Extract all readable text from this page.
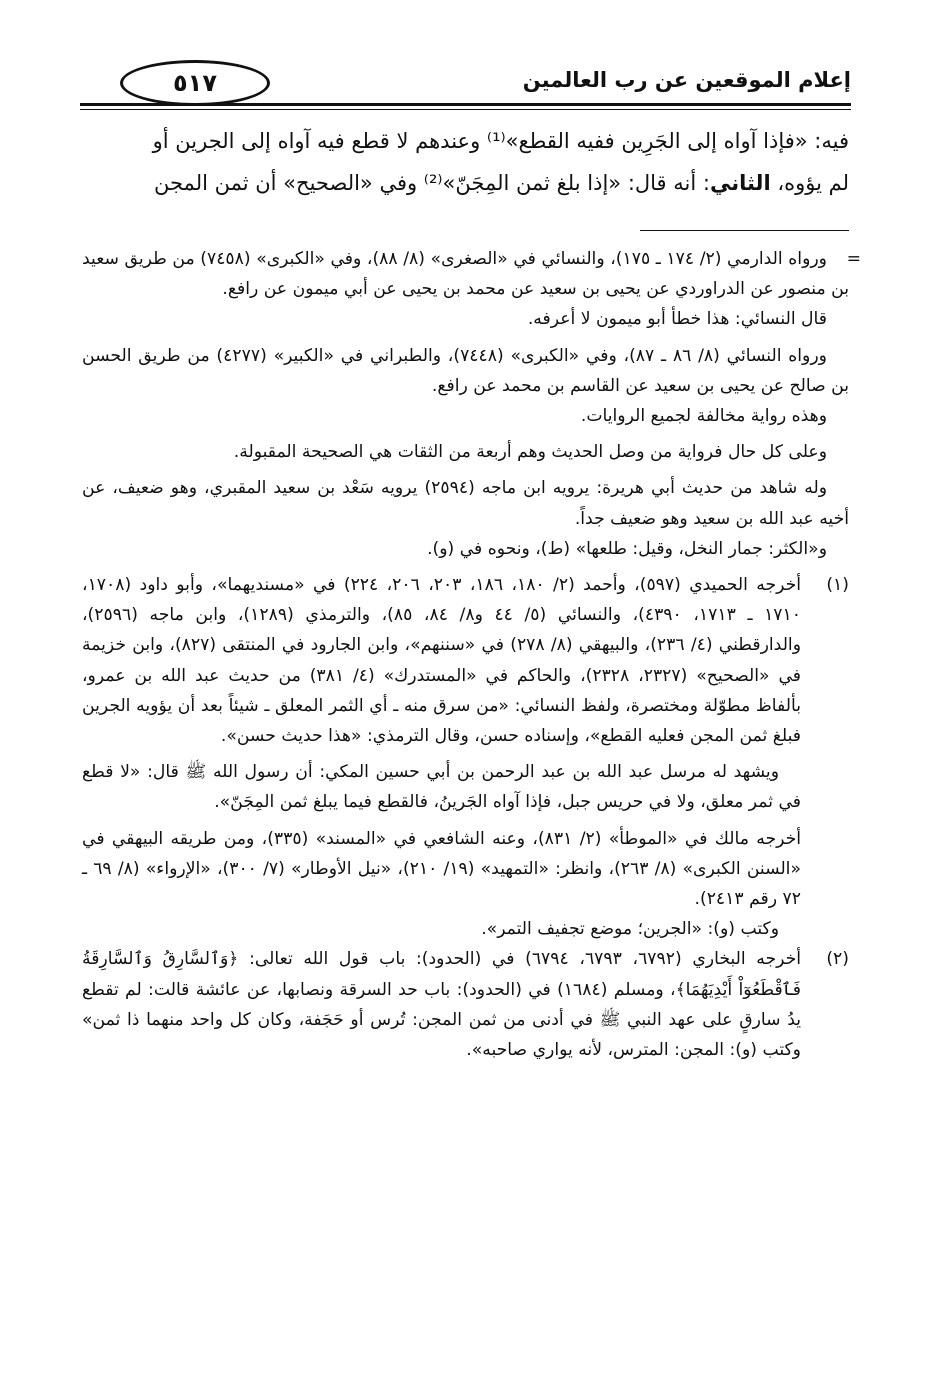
٥١٧	إعلام الموقعين عن رب العالمين

فيه: «فإذا آواه إلى الجَرِين ففيه القطع»⁽¹⁾ وعندهم لا قطع فيه آواه إلى الجرين أو

لم يؤوه، الثاني: أنه قال: «إذا بلغ ثمن المِجَنّ»⁽²⁾ وفي «الصحيح» أن ثمن المجن

=
ورواه الدارمي (٢/ ١٧٤ ـ ١٧٥)، والنسائي في «الصغرى» (٨/ ٨٨)، وفي «الكبرى» (٧٤٥٨) من طريق سعيد بن منصور عن الدراوردي عن يحيى بن سعيد عن محمد بن يحيى عن أبي ميمون عن رافع.

قال النسائي: هذا خطأ أبو ميمون لا أعرفه.

ورواه النسائي (٨/ ٨٦ ـ ٨٧)، وفي «الكبرى» (٧٤٤٨)، والطبراني في «الكبير» (٤٢٧٧) من طريق الحسن بن صالح عن يحيى بن سعيد عن القاسم بن محمد عن رافع.

وهذه رواية مخالفة لجميع الروايات.

وعلى كل حال فرواية من وصل الحديث وهم أربعة من الثقات هي الصحيحة المقبولة.

وله شاهد من حديث أبي هريرة: يرويه ابن ماجه (٢٥٩٤) يرويه سَعْد بن سعيد المقبري، وهو ضعيف، عن أخيه عبد الله بن سعيد وهو ضعيف جداً.

و«الكثر: جمار النخل، وقيل: طلعها» (ط)، ونحوه في (و).

(١)
أخرجه الحميدي (٥٩٧)، وأحمد (٢/ ١٨٠، ١٨٦، ٢٠٣، ٢٠٦، ٢٢٤) في «مسنديهما»، وأبو داود (١٧٠٨، ١٧١٠ ـ ١٧١٣، ٤٣٩٠)، والنسائي (٥/ ٤٤ و٨/ ٨٤، ٨٥)، والترمذي (١٢٨٩)، وابن ماجه (٢٥٩٦)، والدارقطني (٤/ ٢٣٦)، والبيهقي (٨/ ٢٧٨) في «سننهم»، وابن الجارود في المنتقى (٨٢٧)، وابن خزيمة في «الصحيح» (٢٣٢٧، ٢٣٢٨)، والحاكم في «المستدرك» (٤/ ٣٨١) من حديث عبد الله بن عمرو، بألفاظ مطوّلة ومختصرة، ولفظ النسائي: «من سرق منه ـ أي الثمر المعلق ـ شيئاً بعد أن يؤويه الجرين فبلغ ثمن المجن فعليه القطع»، وإسناده حسن، وقال الترمذي: «هذا حديث حسن».

ويشهد له مرسل عبد الله بن عبد الرحمن بن أبي حسين المكي: أن رسول الله ﷺ قال: «لا قطع في ثمر معلق، ولا في حريس جبل، فإذا آواه الجَرينُ، فالقطع فيما يبلغ ثمن المِجَنّ».

أخرجه مالك في «الموطأ» (٢/ ٨٣١)، وعنه الشافعي في «المسند» (٣٣٥)، ومن طريقه البيهقي في «السنن الكبرى» (٨/ ٢٦٣)، وانظر: «التمهيد» (١٩/ ٢١٠)، «نيل الأوطار» (٧/ ٣٠٠)، «الإرواء» (٨/ ٦٩ ـ ٧٢ رقم ٢٤١٣).

وكتب (و): «الجرين؛ موضع تجفيف التمر».

(٢)
أخرجه البخاري (٦٧٩٢، ٦٧٩٣، ٦٧٩٤) في (الحدود): باب قول الله تعالى: ﴿وَٱلسَّارِقُ وَٱلسَّارِقَةُ فَٱقْطَعُوٓاْ أَيْدِيَهُمَا﴾، ومسلم (١٦٨٤) في (الحدود): باب حد السرقة ونصابها، عن عائشة قالت: لم تقطع يدُ سارقٍ على عهد النبي ﷺ في أدنى من ثمن المجن: تُرس أو حَجَفة، وكان كل واحد منهما ذا ثمن» وكتب (و): المجن: المترس، لأنه يواري صاحبه».
